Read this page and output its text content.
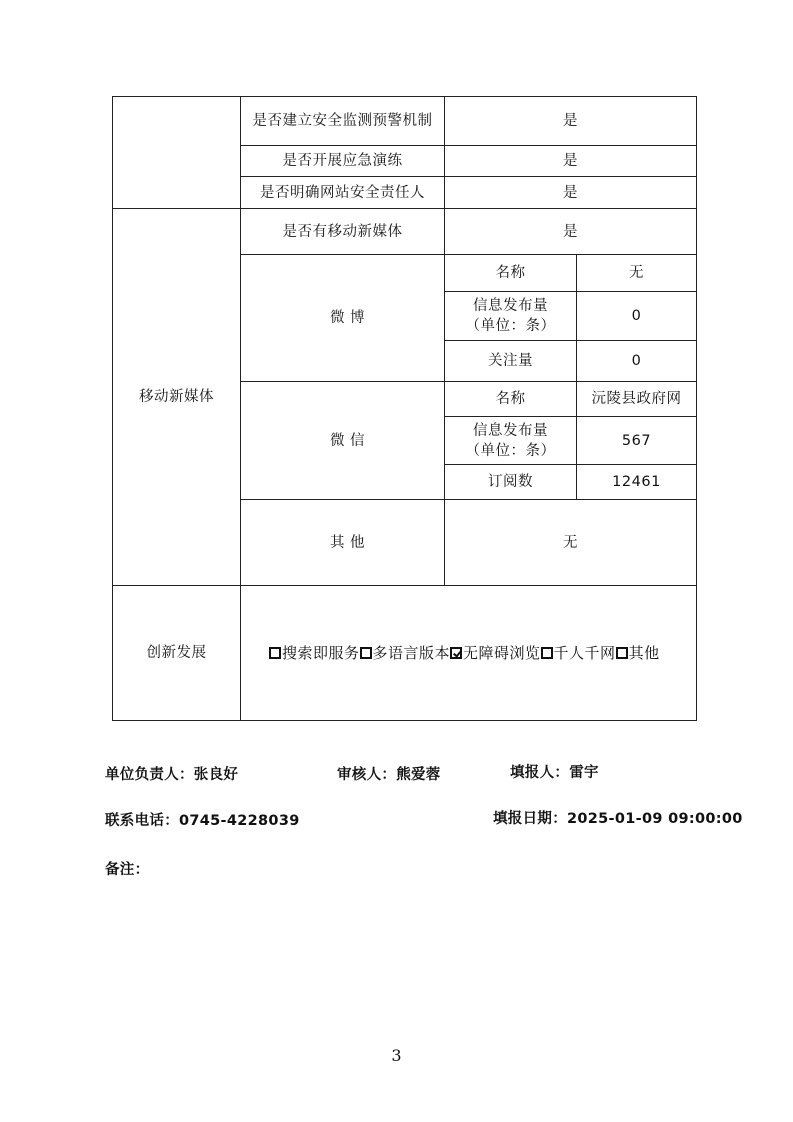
	是否建立安全监测预警机制	是	
	是否开展应急演练	是	
	是否明确网站安全责任人	是	
移动新媒体	是否有移动新媒体	是	
	微 博	名称	无

		信息发布量
（单位：条）	0
		关注量	0
	微 信	名称	沅陵县政府网

		信息发布量
（单位：条）	567
		订阅数	12461
	其 他	无	
创新发展	搜索即服务 多语言版本 无障碍浏览 千人千网 其他		
单位负责人：张良好	审核人：熊爱蓉	填报人：雷宇
联系电话：0745-4228039	填报日期：2025-01-09 09:00:00
备注：
3
